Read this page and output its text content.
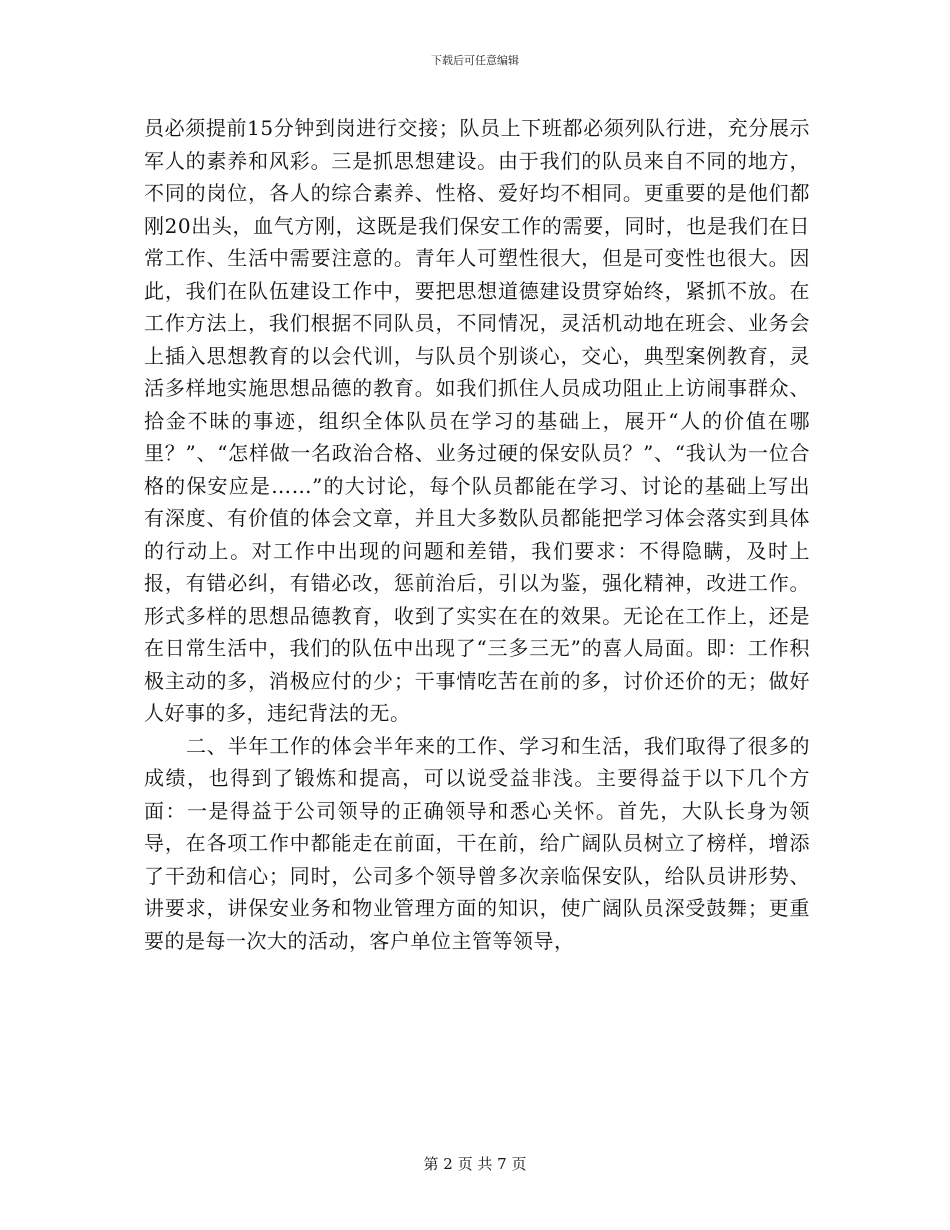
下载后可任意编辑

员必须提前15分钟到岗进行交接；队员上下班都必须列队行进，充分展示军人的素养和风彩。三是抓思想建设。由于我们的队员来自不同的地方，不同的岗位，各人的综合素养、性格、爱好均不相同。更重要的是他们都刚20出头，血气方刚，这既是我们保安工作的需要，同时，也是我们在日常工作、生活中需要注意的。青年人可塑性很大，但是可变性也很大。因此，我们在队伍建设工作中，要把思想道德建设贯穿始终，紧抓不放。在工作方法上，我们根据不同队员，不同情况，灵活机动地在班会、业务会上插入思想教育的以会代训，与队员个别谈心，交心，典型案例教育，灵活多样地实施思想品德的教育。如我们抓住人员成功阻止上访闹事群众、拾金不昧的事迹，组织全体队员在学习的基础上，展开“人的价值在哪里？”、“怎样做一名政治合格、业务过硬的保安队员？”、“我认为一位合格的保安应是……”的大讨论，每个队员都能在学习、讨论的基础上写出有深度、有价值的体会文章，并且大多数队员都能把学习体会落实到具体的行动上。对工作中出现的问题和差错，我们要求：不得隐瞒，及时上报，有错必纠，有错必改，惩前治后，引以为鉴，强化精神，改进工作。形式多样的思想品德教育，收到了实实在在的效果。无论在工作上，还是在日常生活中，我们的队伍中出现了“三多三无”的喜人局面。即：工作积极主动的多，消极应付的少；干事情吃苦在前的多，讨价还价的无；做好人好事的多，违纪背法的无。

二、半年工作的体会半年来的工作、学习和生活，我们取得了很多的成绩，也得到了锻炼和提高，可以说受益非浅。主要得益于以下几个方面：一是得益于公司领导的正确领导和悉心关怀。首先，大队长身为领导，在各项工作中都能走在前面，干在前，给广阔队员树立了榜样，增添了干劲和信心；同时，公司多个领导曾多次亲临保安队，给队员讲形势、讲要求，讲保安业务和物业管理方面的知识，使广阔队员深受鼓舞；更重要的是每一次大的活动，客户单位主管等领导，

第 2 页 共 7 页
